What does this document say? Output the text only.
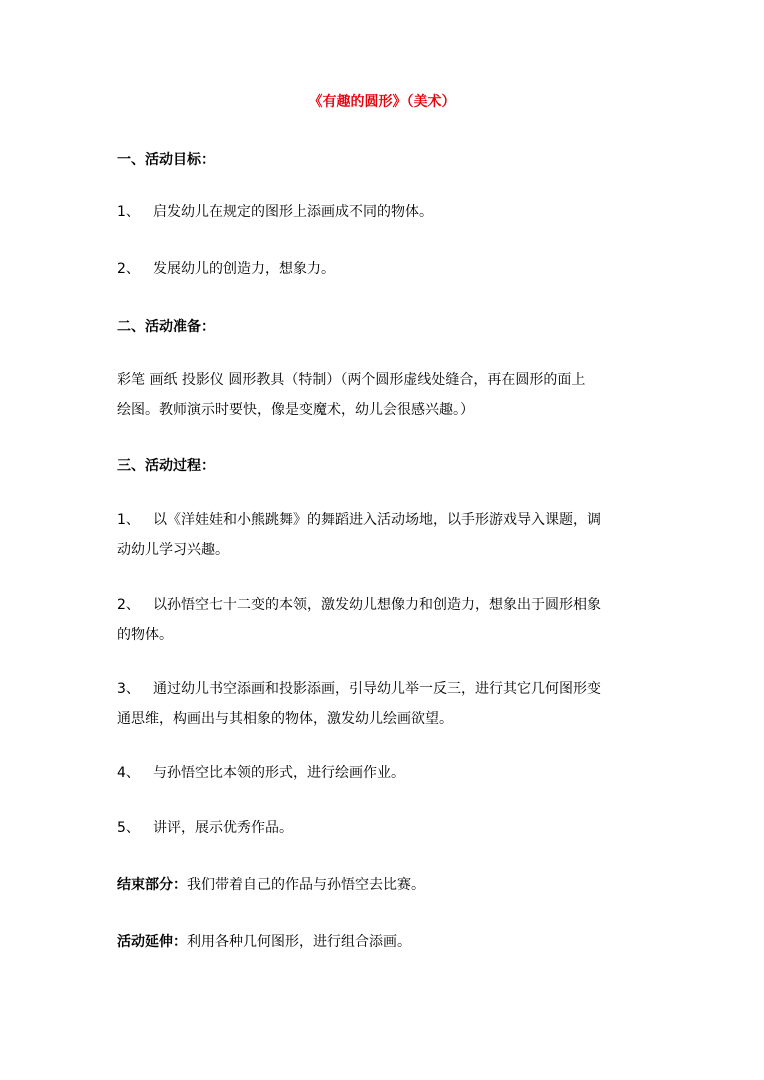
《有趣的圆形》（美术）
一、活动目标：
1、 启发幼儿在规定的图形上添画成不同的物体。
2、 发展幼儿的创造力，想象力。
二、活动准备：
彩笔 画纸 投影仪 圆形教具（特制）（两个圆形虚线处缝合，再在圆形的面上
绘图。教师演示时要快，像是变魔术，幼儿会很感兴趣。）
三、活动过程：
1、 以《洋娃娃和小熊跳舞》的舞蹈进入活动场地，以手形游戏导入课题，调
动幼儿学习兴趣。
2、 以孙悟空七十二变的本领，激发幼儿想像力和创造力，想象出于圆形相象
的物体。
3、 通过幼儿书空添画和投影添画，引导幼儿举一反三，进行其它几何图形变
通思维，构画出与其相象的物体，激发幼儿绘画欲望。
4、 与孙悟空比本领的形式，进行绘画作业。
5、 讲评，展示优秀作品。
结束部分：我们带着自己的作品与孙悟空去比赛。
活动延伸：利用各种几何图形，进行组合添画。
